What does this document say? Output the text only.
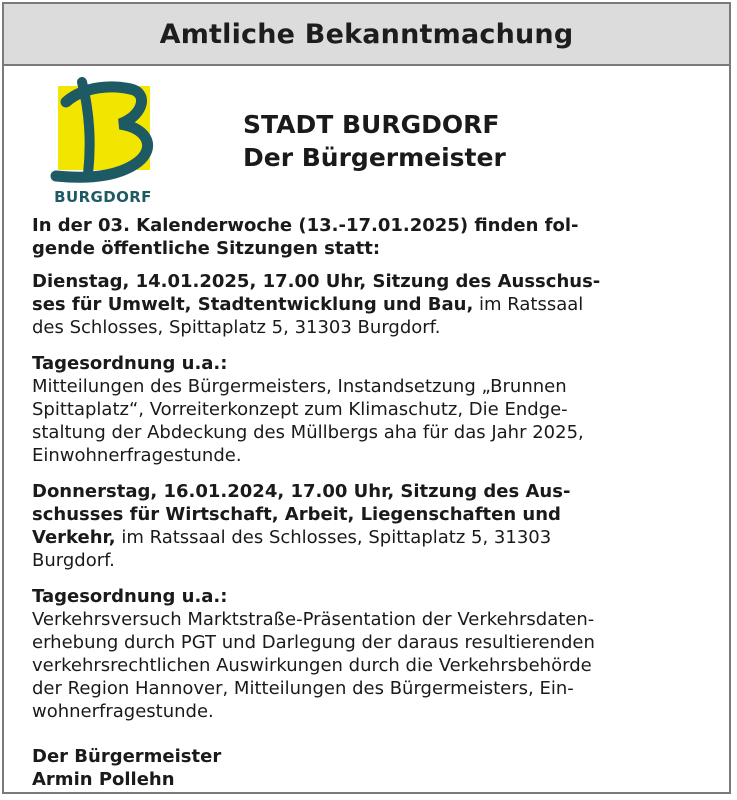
Amtliche Bekanntmachung
BURGDORF
STADT BURGDORF
Der Bürgermeister

In der 03. Kalenderwoche (13.-17.01.2025) finden fol-

gende öffentliche Sitzungen statt:

Dienstag, 14.01.2025, 17.00 Uhr, Sitzung des Ausschus-

ses für Umwelt, Stadtentwicklung und Bau, im Ratssaal

des Schlosses, Spittaplatz 5, 31303 Burgdorf.

Tagesordnung u.a.:

Mitteilungen des Bürgermeisters, Instandsetzung „Brunnen

Spittaplatz“, Vorreiterkonzept zum Klimaschutz, Die Endge-

staltung der Abdeckung des Müllbergs aha für das Jahr 2025,

Einwohnerfragestunde.

Donnerstag, 16.01.2024, 17.00 Uhr, Sitzung des Aus-

schusses für Wirtschaft, Arbeit, Liegenschaften und

Verkehr, im Ratssaal des Schlosses, Spittaplatz 5, 31303

Burgdorf.

Tagesordnung u.a.:

Verkehrsversuch Marktstraße-Präsentation der Verkehrsdaten-

erhebung durch PGT und Darlegung der daraus resultierenden

verkehrsrechtlichen Auswirkungen durch die Verkehrsbehörde

der Region Hannover, Mitteilungen des Bürgermeisters, Ein-

wohnerfragestunde.

Der Bürgermeister

Armin Pollehn
